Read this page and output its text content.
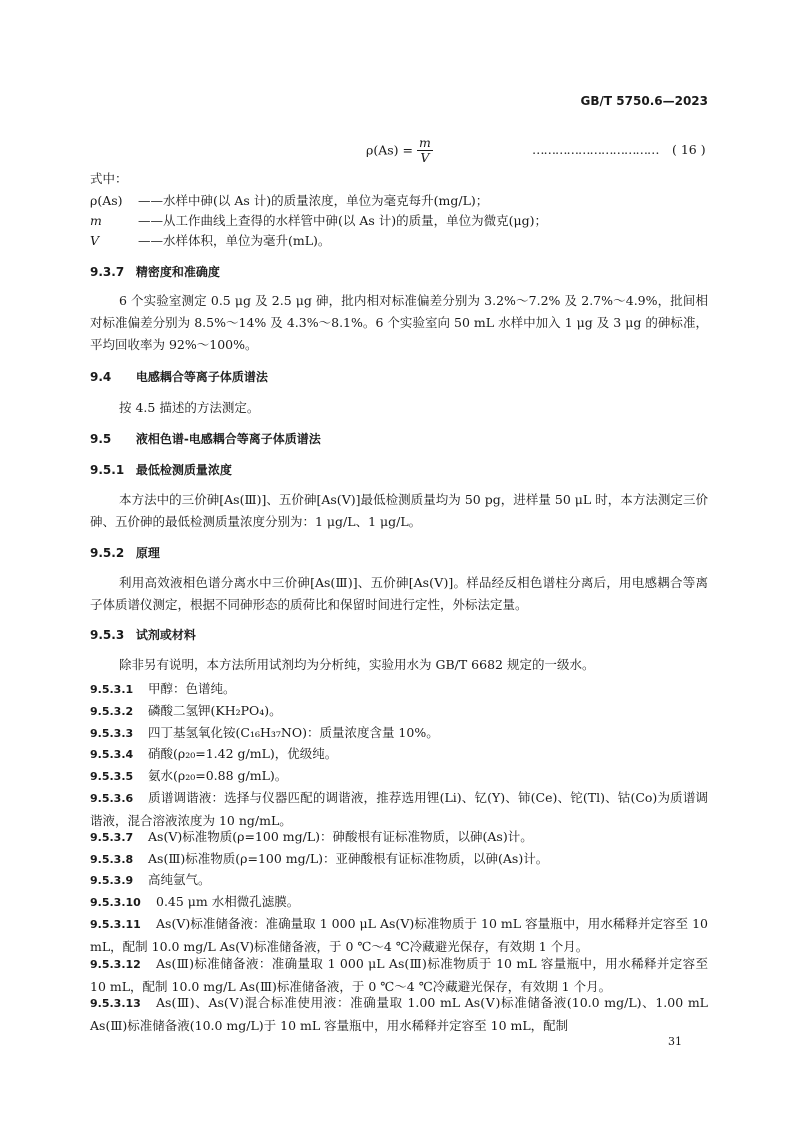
GB/T 5750.6—2023
$\rho(As) = \frac{m}{V}$	…………………………… ( 16 )
式中：
ρ(As) ——水样中砷(以 As 计)的质量浓度，单位为毫克每升(mg/L)；
m	——从工作曲线上查得的水样管中砷(以 As 计)的质量，单位为微克(μg)；
V	——水样体积，单位为毫升(mL)。
9.3.7 精密度和准确度
6 个实验室测定 0.5 μg 及 2.5 μg 砷，批内相对标准偏差分别为 3.2%～7.2% 及 2.7%～4.9%，批间相对标准偏差分别为 8.5%～14% 及 4.3%～8.1%。6 个实验室向 50 mL 水样中加入 1 μg 及 3 μg 的砷标准，平均回收率为 92%～100%。
9.4 电感耦合等离子体质谱法
按 4.5 描述的方法测定。
9.5 液相色谱-电感耦合等离子体质谱法
9.5.1 最低检测质量浓度
本方法中的三价砷[As(Ⅲ)]、五价砷[As(Ⅴ)]最低检测质量均为 50 pg，进样量 50 μL 时，本方法测定三价砷、五价砷的最低检测质量浓度分别为：1 μg/L、1 μg/L。
9.5.2 原理
利用高效液相色谱分离水中三价砷[As(Ⅲ)]、五价砷[As(Ⅴ)]。样品经反相色谱柱分离后，用电感耦合等离子体质谱仪测定，根据不同砷形态的质荷比和保留时间进行定性，外标法定量。
9.5.3 试剂或材料
除非另有说明，本方法所用试剂均为分析纯，实验用水为 GB/T 6682 规定的一级水。
9.5.3.1 甲醇：色谱纯。
9.5.3.2 磷酸二氢钾(KH₂PO₄)。
9.5.3.3 四丁基氢氧化铵(C₁₆H₃₇NO)：质量浓度含量 10%。
9.5.3.4 硝酸(ρ₂₀=1.42 g/mL)，优级纯。
9.5.3.5 氨水(ρ₂₀=0.88 g/mL)。
9.5.3.6 质谱调谐液：选择与仪器匹配的调谐液，推荐选用锂(Li)、钇(Y)、铈(Ce)、铊(Tl)、钴(Co)为质谱调谐液，混合溶液浓度为 10 ng/mL。
9.5.3.7 As(Ⅴ)标准物质(ρ=100 mg/L)：砷酸根有证标准物质，以砷(As)计。
9.5.3.8 As(Ⅲ)标准物质(ρ=100 mg/L)：亚砷酸根有证标准物质，以砷(As)计。
9.5.3.9 高纯氩气。
9.5.3.10 0.45 μm 水相微孔滤膜。
9.5.3.11 As(Ⅴ)标准储备液：准确量取 1 000 μL As(Ⅴ)标准物质于 10 mL 容量瓶中，用水稀释并定容至 10 mL，配制 10.0 mg/L As(Ⅴ)标准储备液，于 0 ℃～4 ℃冷藏避光保存，有效期 1 个月。
9.5.3.12 As(Ⅲ)标准储备液：准确量取 1 000 μL As(Ⅲ)标准物质于 10 mL 容量瓶中，用水稀释并定容至 10 mL，配制 10.0 mg/L As(Ⅲ)标准储备液，于 0 ℃～4 ℃冷藏避光保存，有效期 1 个月。
9.5.3.13 As(Ⅲ)、As(Ⅴ)混合标准使用液：准确量取 1.00 mL As(Ⅴ)标准储备液(10.0 mg/L)、1.00 mL As(Ⅲ)标准储备液(10.0 mg/L)于 10 mL 容量瓶中，用水稀释并定容至 10 mL，配制
31
